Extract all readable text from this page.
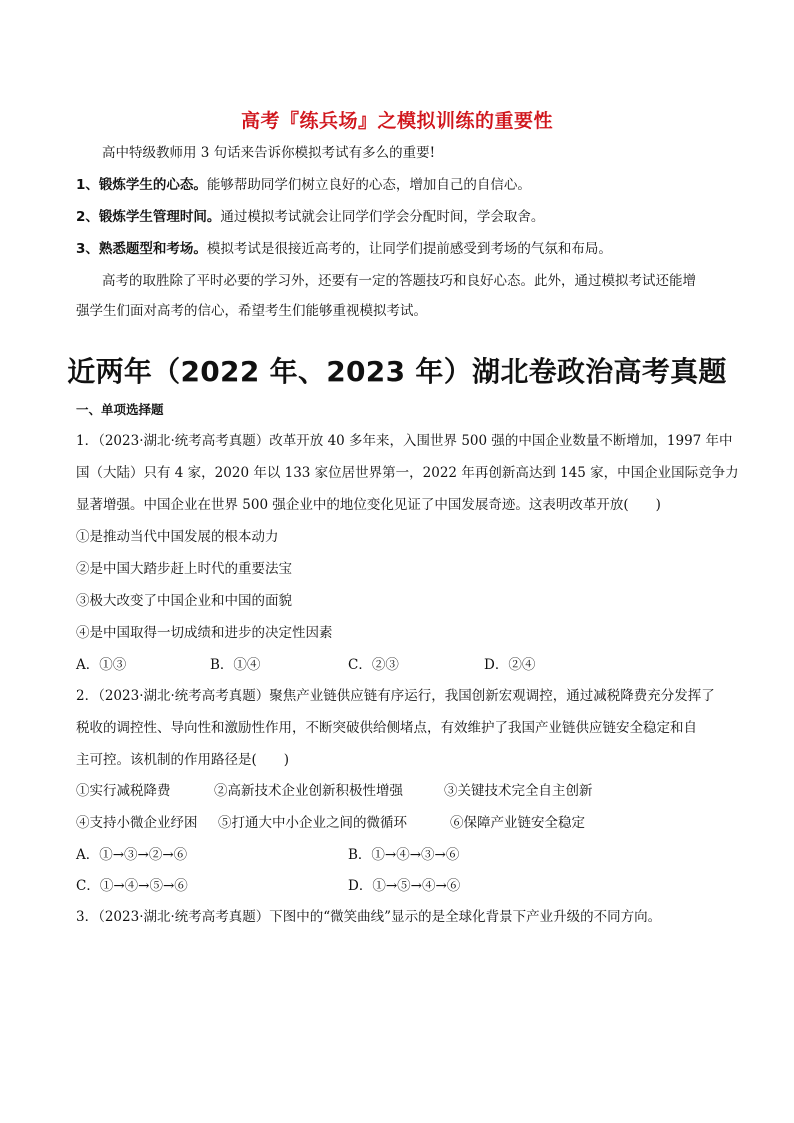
高考『练兵场』之模拟训练的重要性
高中特级教师用 3 句话来告诉你模拟考试有多么的重要!
1、锻炼学生的心态。能够帮助同学们树立良好的心态，增加自己的自信心。
2、锻炼学生管理时间。通过模拟考试就会让同学们学会分配时间，学会取舍。
3、熟悉题型和考场。模拟考试是很接近高考的，让同学们提前感受到考场的气氛和布局。
高考的取胜除了平时必要的学习外，还要有一定的答题技巧和良好心态。此外，通过模拟考试还能增
强学生们面对高考的信心，希望考生们能够重视模拟考试。
近两年（2022 年、2023 年）湖北卷政治高考真题
一、单项选择题
1．（2023·湖北·统考高考真题）改革开放 40 多年来，入围世界 500 强的中国企业数量不断增加，1997 年中
国（大陆）只有 4 家，2020 年以 133 家位居世界第一，2022 年再创新高达到 145 家，中国企业国际竞争力
显著增强。中国企业在世界 500 强企业中的地位变化见证了中国发展奇迹。这表明改革开放(　　)
①是推动当代中国发展的根本动力
②是中国大踏步赶上时代的重要法宝
③极大改变了中国企业和中国的面貌
④是中国取得一切成绩和进步的决定性因素
A．①③	B．①④	C．②③	D．②④
2．（2023·湖北·统考高考真题）聚焦产业链供应链有序运行，我国创新宏观调控，通过减税降费充分发挥了
税收的调控性、导向性和激励性作用，不断突破供给侧堵点，有效维护了我国产业链供应链安全稳定和自
主可控。该机制的作用路径是(　　)
①实行减税降费	②高新技术企业创新积极性增强	③关键技术完全自主创新
④支持小微企业纾困 ⑤打通大中小企业之间的微循环	⑥保障产业链安全稳定
A．①→③→②→⑥	B．①→④→③→⑥
C．①→④→⑤→⑥	D．①→⑤→④→⑥
3．（2023·湖北·统考高考真题）下图中的“微笑曲线”显示的是全球化背景下产业升级的不同方向。
